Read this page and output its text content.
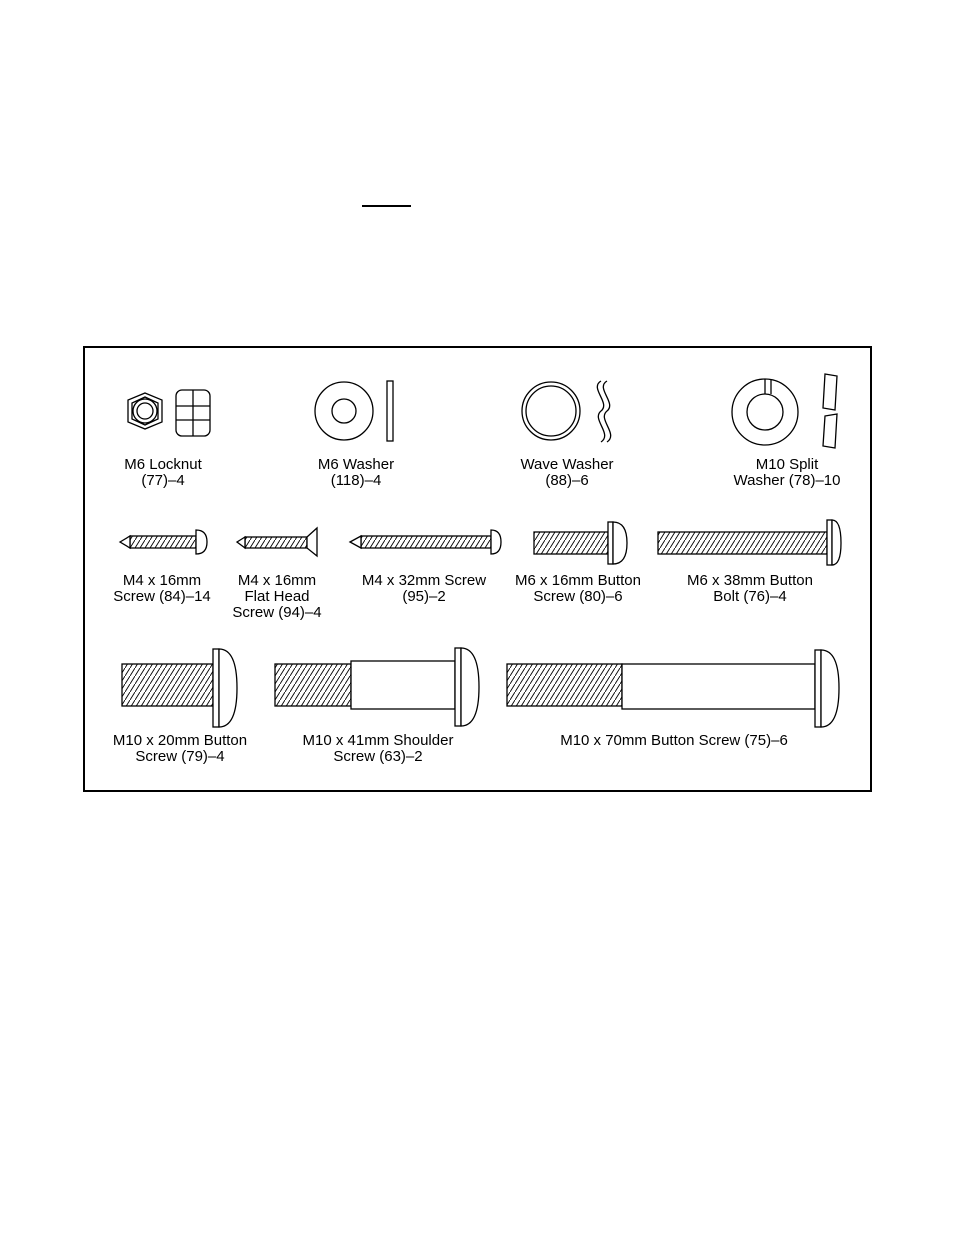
M6 Locknut
(77)–4
M6 Washer
(118)–4
Wave Washer
(88)–6
M10 Split
Washer (78)–10
M4 x 16mm
Screw (84)–14
M4 x 16mm
Flat Head
Screw (94)–4
M4 x 32mm Screw
(95)–2
M6 x 16mm Button
Screw (80)–6
M6 x 38mm Button
Bolt (76)–4
M10 x 20mm Button
Screw (79)–4
M10 x 41mm Shoulder
Screw (63)–2
M10 x 70mm Button Screw (75)–6
